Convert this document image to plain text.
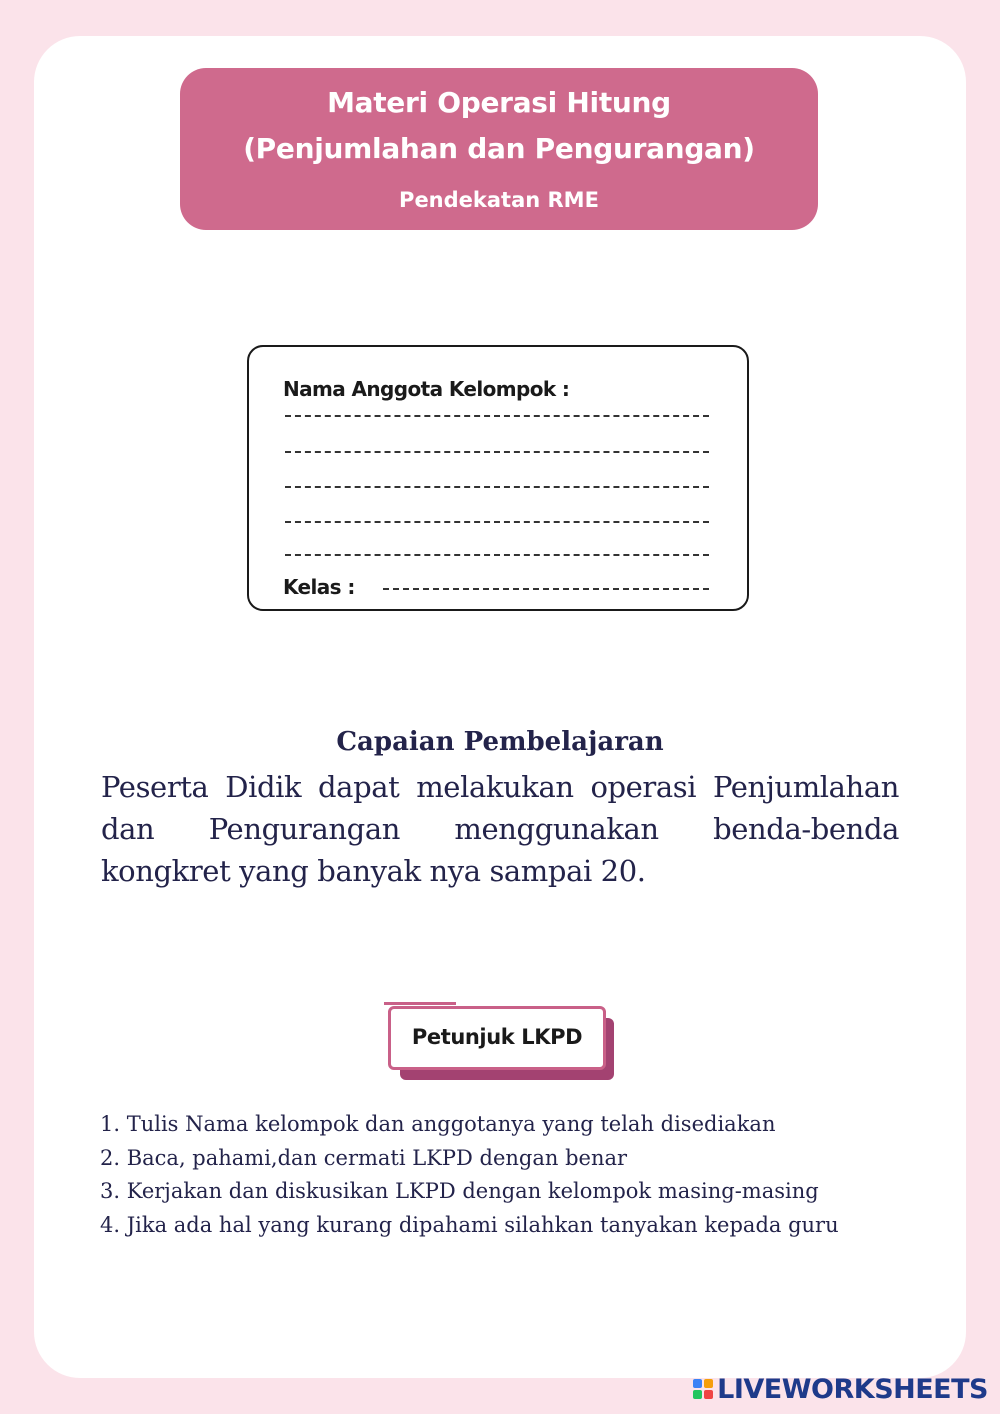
Materi Operasi Hitung
(Penjumlahan dan Pengurangan)
Pendekatan RME
Nama Anggota Kelompok :
Kelas :
Capaian Pembelajaran
Peserta Didik dapat melakukan operasi Penjumlahan dan Pengurangan menggunakan benda-benda kongkret yang banyak nya sampai 20.
Petunjuk LKPD
1. Tulis Nama kelompok dan anggotanya yang telah disediakan
2. Baca, pahami,dan cermati LKPD dengan benar
3. Kerjakan dan diskusikan LKPD dengan kelompok masing-masing
4. Jika ada hal yang kurang dipahami silahkan tanyakan kepada guru
LIVEWORKSHEETS
